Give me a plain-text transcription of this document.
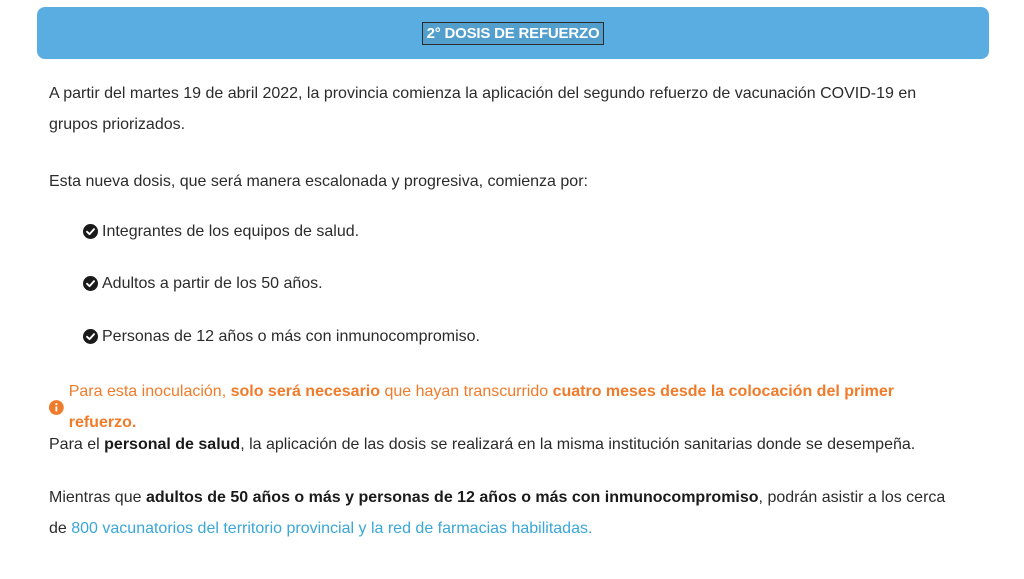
2° DOSIS DE REFUERZO

A partir del martes 19 de abril 2022, la provincia comienza la aplicación del segundo refuerzo de vacunación COVID-19 en grupos priorizados.

Esta nueva dosis, que será manera escalonada y progresiva, comienza por:

Integrantes de los equipos de salud.
Adultos a partir de los 50 años.
Personas de 12 años o más con inmunocompromiso.
Para esta inoculación, solo será necesario que hayan transcurrido cuatro meses desde la colocación del primer refuerzo.

Para el personal de salud, la aplicación de las dosis se realizará en la misma institución sanitarias donde se desempeña.

Mientras que adultos de 50 años o más y personas de 12 años o más con inmunocompromiso, podrán asistir a los cerca de 800 vacunatorios del territorio provincial y la red de farmacias habilitadas.
